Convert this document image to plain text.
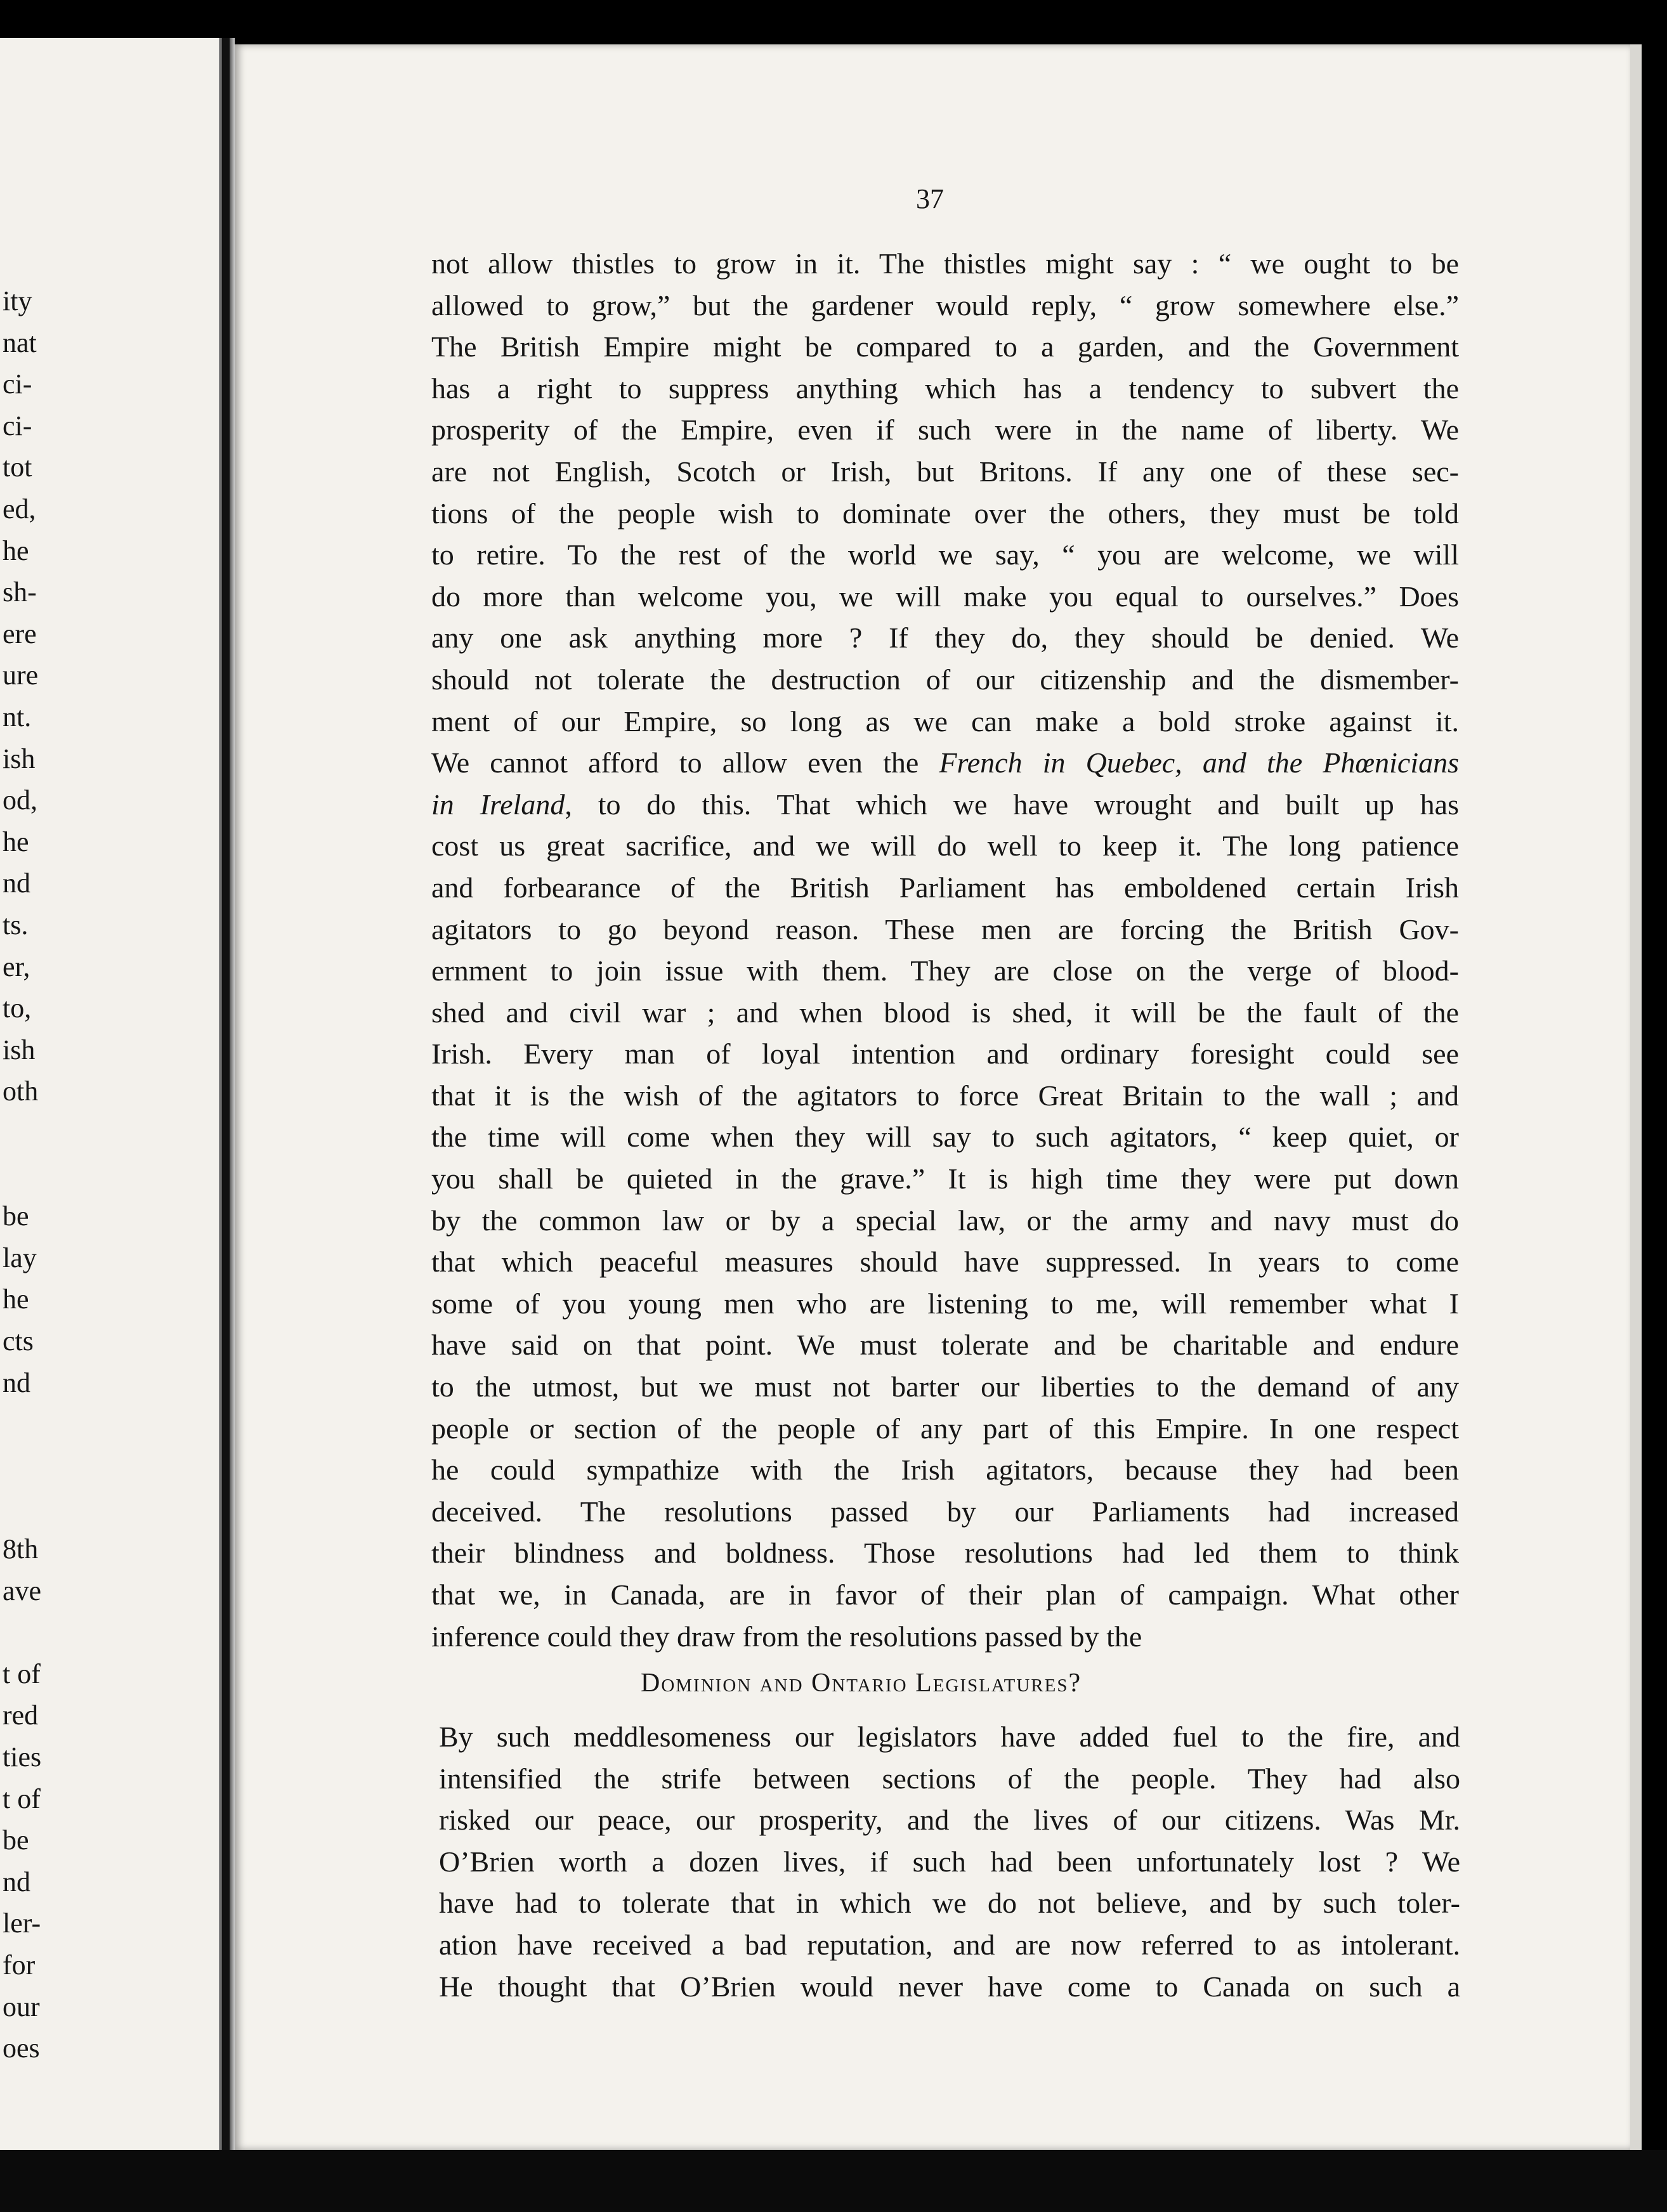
ity
nat
ci-
ci-
tot
ed,
he
sh-
ere
ure
nt.
ish
od,
he
nd
ts.
er,
to,
ish
oth
be
lay
he
cts
nd
8th
ave
t of
red
ties
t of
be
nd
ler-
for
our
oes
37
not allow thistles to grow in it. The thistles might say : “ we ought to be
allowed to grow,” but the gardener would reply, “ grow somewhere else.”
The British Empire might be compared to a garden, and the Government
has a right to suppress anything which has a tendency to subvert the
prosperity of the Empire, even if such were in the name of liberty. We
are not English, Scotch or Irish, but Britons. If any one of these sec-
tions of the people wish to dominate over the others, they must be told
to retire. To the rest of the world we say, “ you are welcome, we will
do more than welcome you, we will make you equal to ourselves.” Does
any one ask anything more ? If they do, they should be denied. We
should not tolerate the destruction of our citizenship and the dismember-
ment of our Empire, so long as we can make a bold stroke against it.
We cannot afford to allow even the French in Quebec, and the Phœnicians
in Ireland, to do this. That which we have wrought and built up has
cost us great sacrifice, and we will do well to keep it. The long patience
and forbearance of the British Parliament has emboldened certain Irish
agitators to go beyond reason. These men are forcing the British Gov-
ernment to join issue with them. They are close on the verge of blood-
shed and civil war ; and when blood is shed, it will be the fault of the
Irish. Every man of loyal intention and ordinary foresight could see
that it is the wish of the agitators to force Great Britain to the wall ; and
the time will come when they will say to such agitators, “ keep quiet, or
you shall be quieted in the grave.” It is high time they were put down
by the common law or by a special law, or the army and navy must do
that which peaceful measures should have suppressed. In years to come
some of you young men who are listening to me, will remember what I
have said on that point. We must tolerate and be charitable and endure
to the utmost, but we must not barter our liberties to the demand of any
people or section of the people of any part of this Empire. In one respect
he could sympathize with the Irish agitators, because they had been
deceived. The resolutions passed by our Parliaments had increased
their blindness and boldness. Those resolutions had led them to think
that we, in Canada, are in favor of their plan of campaign. What other
inference could they draw from the resolutions passed by the
Dominion and Ontario Legislatures?
By such meddlesomeness our legislators have added fuel to the fire, and
intensified the strife between sections of the people. They had also
risked our peace, our prosperity, and the lives of our citizens. Was Mr.
O’Brien worth a dozen lives, if such had been unfortunately lost ? We
have had to tolerate that in which we do not believe, and by such toler-
ation have received a bad reputation, and are now referred to as intolerant.
He thought that O’Brien would never have come to Canada on such a
